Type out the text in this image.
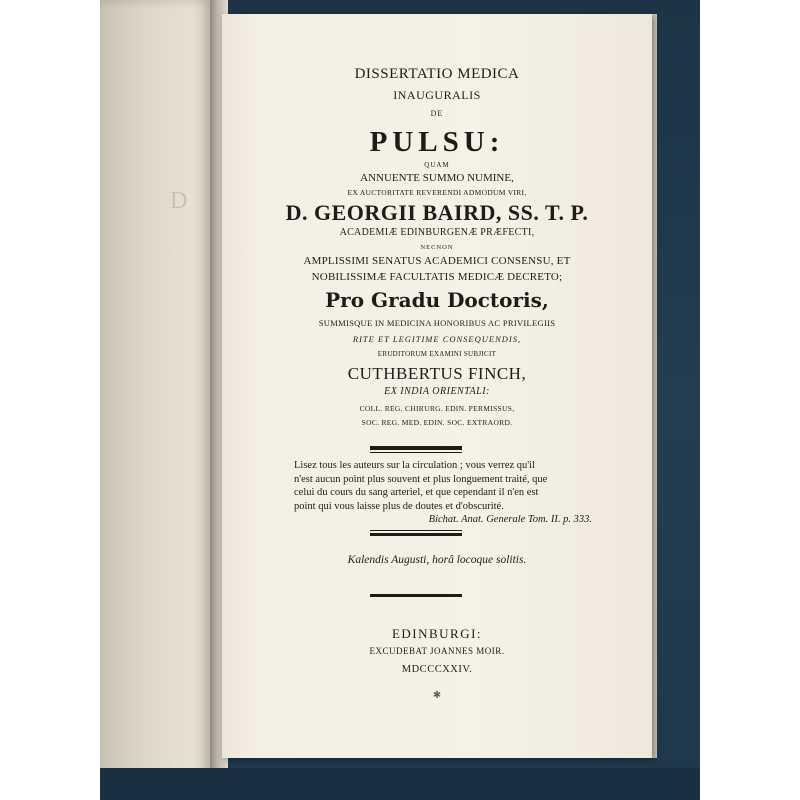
D
DISSERTATIO MEDICA
INAUGURALIS
DE
PULSU:
QUAM
ANNUENTE SUMMO NUMINE,
EX AUCTORITATE REVERENDI ADMODUM VIRI,
D. GEORGII BAIRD, SS. T. P.
ACADEMIÆ EDINBURGENÆ PRÆFECTI,
NECNON
AMPLISSIMI SENATUS ACADEMICI CONSENSU, ET
NOBILISSIMÆ FACULTATIS MEDICÆ DECRETO;
Pro Gradu Doctoris,
SUMMISQUE IN MEDICINA HONORIBUS AC PRIVILEGIIS
RITE ET LEGITIME CONSEQUENDIS,
ERUDITORUM EXAMINI SUBJICIT
CUTHBERTUS FINCH,
EX INDIA ORIENTALI:
COLL. REG. CHIRURG. EDIN. PERMISSUS,
SOC. REG. MED. EDIN. SOC. EXTRAORD.
Lisez tous les auteurs sur la circulation ; vous verrez qu'il
n'est aucun point plus souvent et plus longuement traité, que
celui du cours du sang arteriel, et que cependant il n'en est
point qui vous laisse plus de doutes et d'obscurité.
Bichat. Anat. Generale Tom. II. p. 333.
Kalendis Augusti, horâ locoque solitis.
EDINBURGI:
EXCUDEBAT JOANNES MOIR.
MDCCCXXIV.
✱
